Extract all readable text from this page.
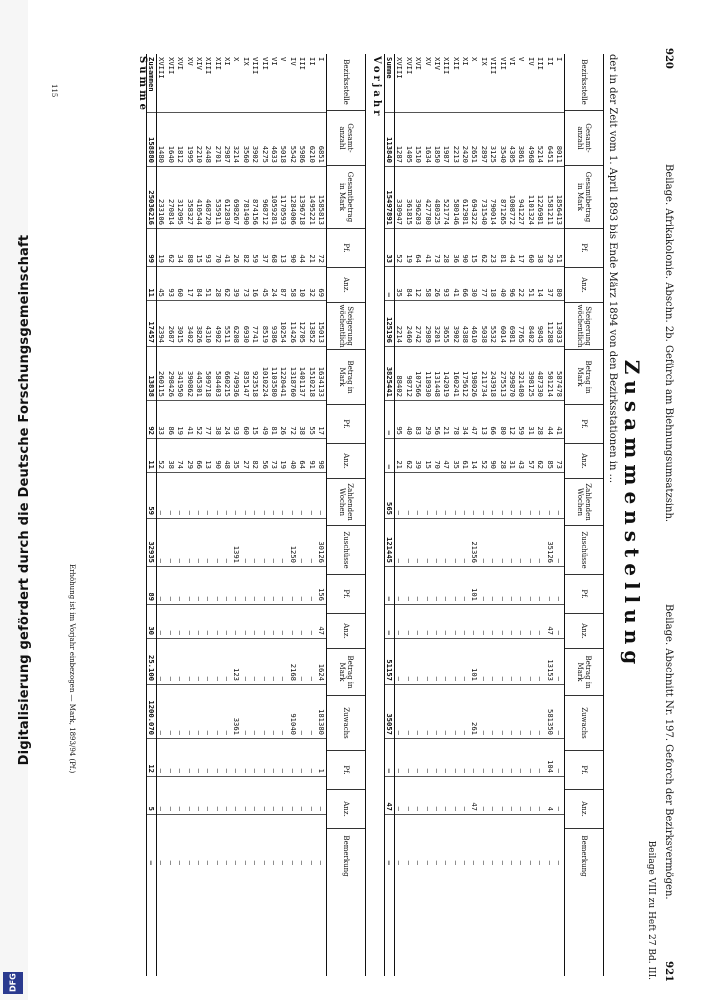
Digitalisierung gefördert durch die Deutsche Forschungsgemeinschaft
DFG
920
Beilage. Afrikakolonie. Abschn. 2b. Gefürch am Biehnungsumsatzsinh.
Beilage. Abschnitt Nr. 197. Geforch der Bezirksvermögen.
921
Beilage VIII zu Heft 27 Bd. III.
Zusammenstellung
der in der Zeit vom 1. April 1893 bis Ende März 1894 von den Bezirksstationen in ...
Bezirksstelle
Gesamt- anzahl
Gesamtbetrag in Mark
Pf.
Anz.
Steigerung wöchentlich
Betrag in Mark
Pf.
Anz.
Zahlenden Wochen
Zuschüsse
Pf.
Anz.
Betrag in Mark
Zuwachs
Pf.
Anz.
Bemerkung
I
8011
1856413
51
80
13033
587478
41
73
—
—
—
—
—
—
—
—
—
II
6451
1581211
29
37
11288
501214
44
85
—
35126
—
47
13153
581350
104
4
—
III
5214
1226981
38
14
9845
487330
28
62
—
—
—
—
—
—
—
—
—
IV
4968
1101324
60
51
8402
398125
31
57
—
—
—
—
—
—
—
—
—
V
3861
941227
17
22
7765
321480
59
43
—
—
—
—
—
—
—
—
—
VI
4305
1008772
44
96
6981
299870
12
31
—
—
—
—
—
—
—
—
—
VII
3540
871265
81
40
6014
275513
80
28
—
—
—
—
—
—
—
—
—
VIII
3125
790014
23
18
5532
243918
66
90
—
—
—
—
—
—
—
—
—
IX
2897
731540
62
77
5038
211734
13
52
—
—
—
—
—
—
—
—
—
X
2651
694322
15
30
4610
198026
47
14
—
21356
101
—
101
261
—
47
—
XI
2420
612981
90
66
4388
175612
34
61
—
—
—
—
—
—
—
—
—
XII
2213
580146
36
41
3902
160241
78
35
—
—
—
—
—
—
—
—
—
XIII
1987
521774
28
93
3655
142019
21
47
—
—
—
—
—
—
—
—
—
XIV
1850
480325
73
26
3201
131448
56
70
—
—
—
—
—
—
—
—
—
XV
1634
427780
41
58
2989
118930
29
15
—
—
—
—
—
—
—
—
—
XVI
1510
396203
64
12
2742
107566
83
39
—
—
—
—
—
—
—
—
—
XVII
1405
361815
19
84
2460
98712
40
62
—
—
—
—
—
—
—
—
—
XVIII
1287
330947
52
35
2214
88402
95
21
—
—
—
—
—
—
—
—
—
Summe
113840
15497891
33
—
125196
3825441
—
—
565
121445
—
—
51157
35057
—
47
—
Vorjahr
Bezirksstelle
Gesamt- anzahl
Gesamtbetrag in Mark
Pf.
Anz.
Steigerung wöchentlich
Betrag in Mark
Pf.
Anz.
Zahlenden Wochen
Zuschüsse
Pf.
Anz.
Betrag in Mark
Zuwachs
Pf.
Anz.
Bemerkung
I
6851
1585813
72
69
15013
1634133
17
98
—
30126
156
47
1624
181380
1
—
—
II
6210
1495221
21
32
13852
1510218
55
91
—
—
—
—
—
—
—
—
—
III
5986
1396718
44
10
12705
1401137
38
64
—
—
—
—
—
—
—
—
—
IV
5542
1284006
90
58
11426
1318760
72
40
—
1250
—
—
2168
91040
—
—
—
V
5018
1170593
13
87
10254
1220441
26
19
—
—
—
—
—
—
—
—
—
VI
4633
1059281
68
24
9386
1103580
81
73
—
—
—
—
—
—
—
—
—
VII
4275
968712
37
45
8519
1010224
49
56
—
—
—
—
—
—
—
—
—
VIII
3902
874156
59
16
7741
923518
15
82
—
—
—
—
—
—
—
—
—
IX
3560
781490
82
73
6930
835147
60
27
—
—
—
—
—
—
—
—
—
X
3214
698267
26
39
6208
749936
93
35
—
1391
—
—
123
3361
—
—
—
XI
2987
612830
41
62
5511
660215
24
48
—
—
—
—
—
—
—
—
—
XII
2701
535911
70
28
4902
584403
38
90
—
—
—
—
—
—
—
—
—
XIII
2448
468720
93
51
4310
509718
77
13
—
—
—
—
—
—
—
—
—
XIV
2210
410544
15
84
3826
445301
52
66
—
—
—
—
—
—
—
—
—
XV
1995
358327
88
17
3402
390862
41
29
—
—
—
—
—
—
—
—
—
XVI
1812
312095
34
60
3015
341950
19
74
—
—
—
—
—
—
—
—
—
XVII
1640
270814
62
93
2687
298426
86
38
—
—
—
—
—
—
—
—
—
XVIII
1480
233106
19
45
2394
260115
33
52
—
—
—
—
—
—
—
—
—
Zusammen
158880
25036216
99
11
17457
13838
92
11
59
32935
89
30
25.100
1200.070
12
5
—
Summe
Erhöhung ist im Vorjahr einbezogen — Mark, 1893/94 (Pf.)
115
